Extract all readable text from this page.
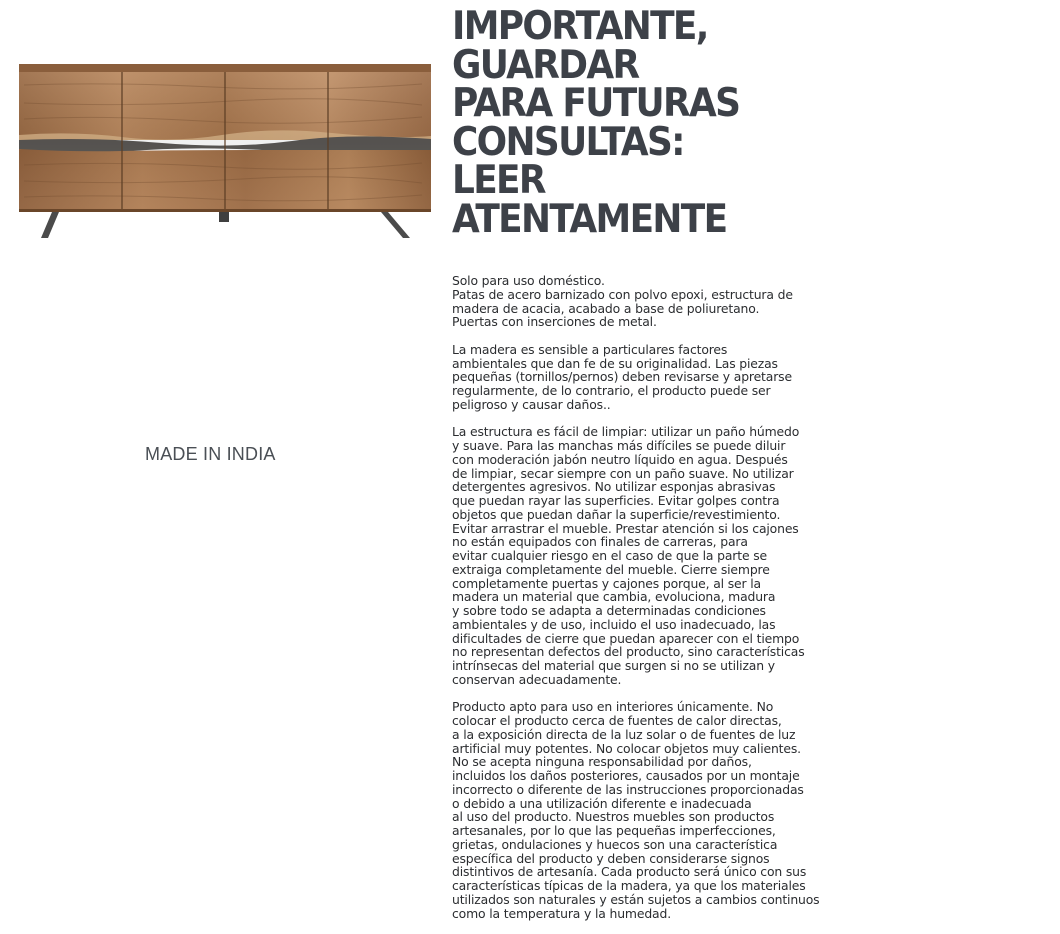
MADE IN INDIA
IMPORTANTE,
GUARDAR
PARA FUTURAS
CONSULTAS:
LEER
ATENTAMENTE

Solo para uso doméstico.
Patas de acero barnizado con polvo epoxi, estructura de
madera de acacia, acabado a base de poliuretano.
Puertas con inserciones de metal.

La madera es sensible a particulares factores
ambientales que dan fe de su originalidad. Las piezas
pequeñas (tornillos/pernos) deben revisarse y apretarse
regularmente, de lo contrario, el producto puede ser
peligroso y causar daños..

La estructura es fácil de limpiar: utilizar un paño húmedo
y suave. Para las manchas más difíciles se puede diluir
con moderación jabón neutro líquido en agua. Después
de limpiar, secar siempre con un paño suave. No utilizar
detergentes agresivos. No utilizar esponjas abrasivas
que puedan rayar las superficies. Evitar golpes contra
objetos que puedan dañar la superficie/revestimiento.
Evitar arrastrar el mueble. Prestar atención si los cajones
no están equipados con finales de carreras, para
evitar cualquier riesgo en el caso de que la parte se
extraiga completamente del mueble. Cierre siempre
completamente puertas y cajones porque, al ser la
madera un material que cambia, evoluciona, madura
y sobre todo se adapta a determinadas condiciones
ambientales y de uso, incluido el uso inadecuado, las
dificultades de cierre que puedan aparecer con el tiempo
no representan defectos del producto, sino características
intrínsecas del material que surgen si no se utilizan y
conservan adecuadamente.

Producto apto para uso en interiores únicamente. No
colocar el producto cerca de fuentes de calor directas,
a la exposición directa de la luz solar o de fuentes de luz
artificial muy potentes. No colocar objetos muy calientes.
No se acepta ninguna responsabilidad por daños,
incluidos los daños posteriores, causados por un montaje
incorrecto o diferente de las instrucciones proporcionadas
o debido a una utilización diferente e inadecuada
al uso del producto. Nuestros muebles son productos
artesanales, por lo que las pequeñas imperfecciones,
grietas, ondulaciones y huecos son una característica
específica del producto y deben considerarse signos
distintivos de artesanía. Cada producto será único con sus
características típicas de la madera, ya que los materiales
utilizados son naturales y están sujetos a cambios continuos
como la temperatura y la humedad.
